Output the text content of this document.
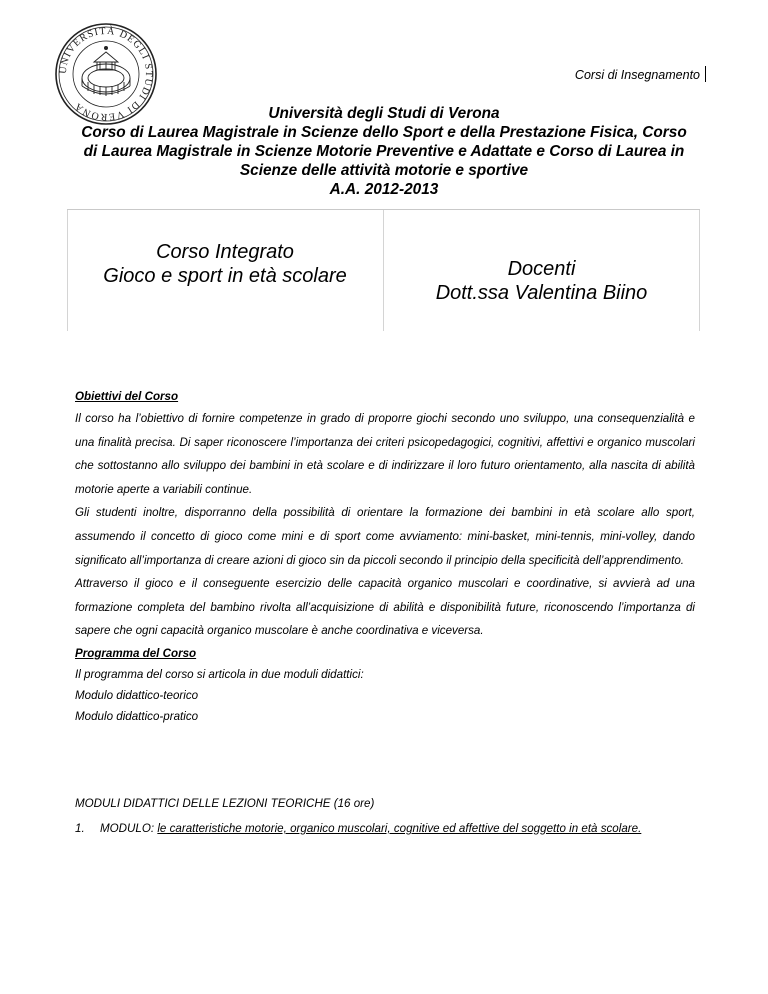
UNIVERSITÀ DEGLI STUDI DI VERONA
Corsi di Insegnamento
Università degli Studi di Verona
Corso di Laurea Magistrale in Scienze dello Sport e della Prestazione Fisica, Corso
di Laurea Magistrale in Scienze Motorie Preventive e Adattate e Corso di Laurea in
Scienze delle attività motorie e sportive
A.A. 2012-2013
Corso Integrato
Gioco e sport in età scolare	Docenti
Dott.ssa Valentina Biino

Obiettivi del Corso

Il corso ha l’obiettivo di fornire competenze in grado di proporre giochi secondo uno sviluppo, una consequenzialità e una finalità precisa. Di saper riconoscere l’importanza dei criteri psicopedagogici, cognitivi, affettivi e organico muscolari che sottostanno allo sviluppo dei bambini in età scolare e di indirizzare il loro futuro orientamento, alla nascita di abilità motorie aperte a variabili continue.

Gli studenti inoltre, disporranno della possibilità di orientare la formazione dei bambini in età scolare allo sport, assumendo il concetto di gioco come mini e di sport come avviamento: mini-basket, mini-tennis, mini-volley, dando significato all’importanza di creare azioni di gioco sin da piccoli secondo il principio della specificità dell’apprendimento.

Attraverso il gioco e il conseguente esercizio delle capacità organico muscolari e coordinative, si avvierà ad una formazione completa del bambino rivolta all’acquisizione di abilità e disponibilità future, riconoscendo l’importanza di sapere che ogni capacità organico muscolare è anche coordinativa e viceversa.

Programma del Corso

Il programma del corso si articola in due moduli didattici:

Modulo didattico-teorico

Modulo didattico-pratico

MODULI DIDATTICI DELLE LEZIONI TEORICHE (16 ore)

1. MODULO: le caratteristiche motorie, organico muscolari, cognitive ed affettive del soggetto in età scolare.
